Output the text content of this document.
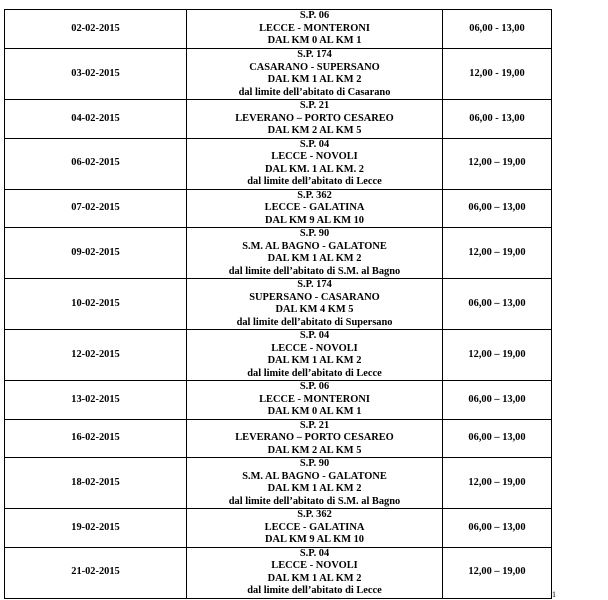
02-02-2015	S.P. 06
LECCE - MONTERONI
DAL KM 0 AL KM 1	06,00 - 13,00
03-02-2015	S.P. 174
CASARANO - SUPERSANO
DAL KM 1 AL KM 2
dal limite dell’abitato di Casarano	12,00 - 19,00
04-02-2015	S.P. 21
LEVERANO – PORTO CESAREO
DAL KM 2 AL KM 5	06,00 - 13,00
06-02-2015	S.P. 04
LECCE - NOVOLI
DAL KM. 1 AL KM. 2
dal limite dell’abitato di Lecce	12,00 – 19,00
07-02-2015	S.P. 362
LECCE - GALATINA
DAL KM 9 AL KM 10	06,00 – 13,00
09-02-2015	S.P. 90
S.M. AL BAGNO - GALATONE
DAL KM 1 AL KM 2
dal limite dell’abitato di S.M. al Bagno	12,00 – 19,00
10-02-2015	S.P. 174
SUPERSANO - CASARANO
DAL KM 4 KM 5
dal limite dell’abitato di Supersano	06,00 – 13,00
12-02-2015	S.P. 04
LECCE - NOVOLI
DAL KM 1 AL KM 2
dal limite dell’abitato di Lecce	12,00 – 19,00
13-02-2015	S.P. 06
LECCE - MONTERONI
DAL KM 0 AL KM 1	06,00 – 13,00
16-02-2015	S.P. 21
LEVERANO – PORTO CESAREO
DAL KM 2 AL KM 5	06,00 – 13,00
18-02-2015	S.P. 90
S.M. AL BAGNO - GALATONE
DAL KM 1 AL KM 2
dal limite dell’abitato di S.M. al Bagno	12,00 – 19,00
19-02-2015	S.P. 362
LECCE - GALATINA
DAL KM 9 AL KM 10	06,00 – 13,00
21-02-2015	S.P. 04
LECCE - NOVOLI
DAL KM 1 AL KM 2
dal limite dell’abitato di Lecce	12,00 – 19,00
1
